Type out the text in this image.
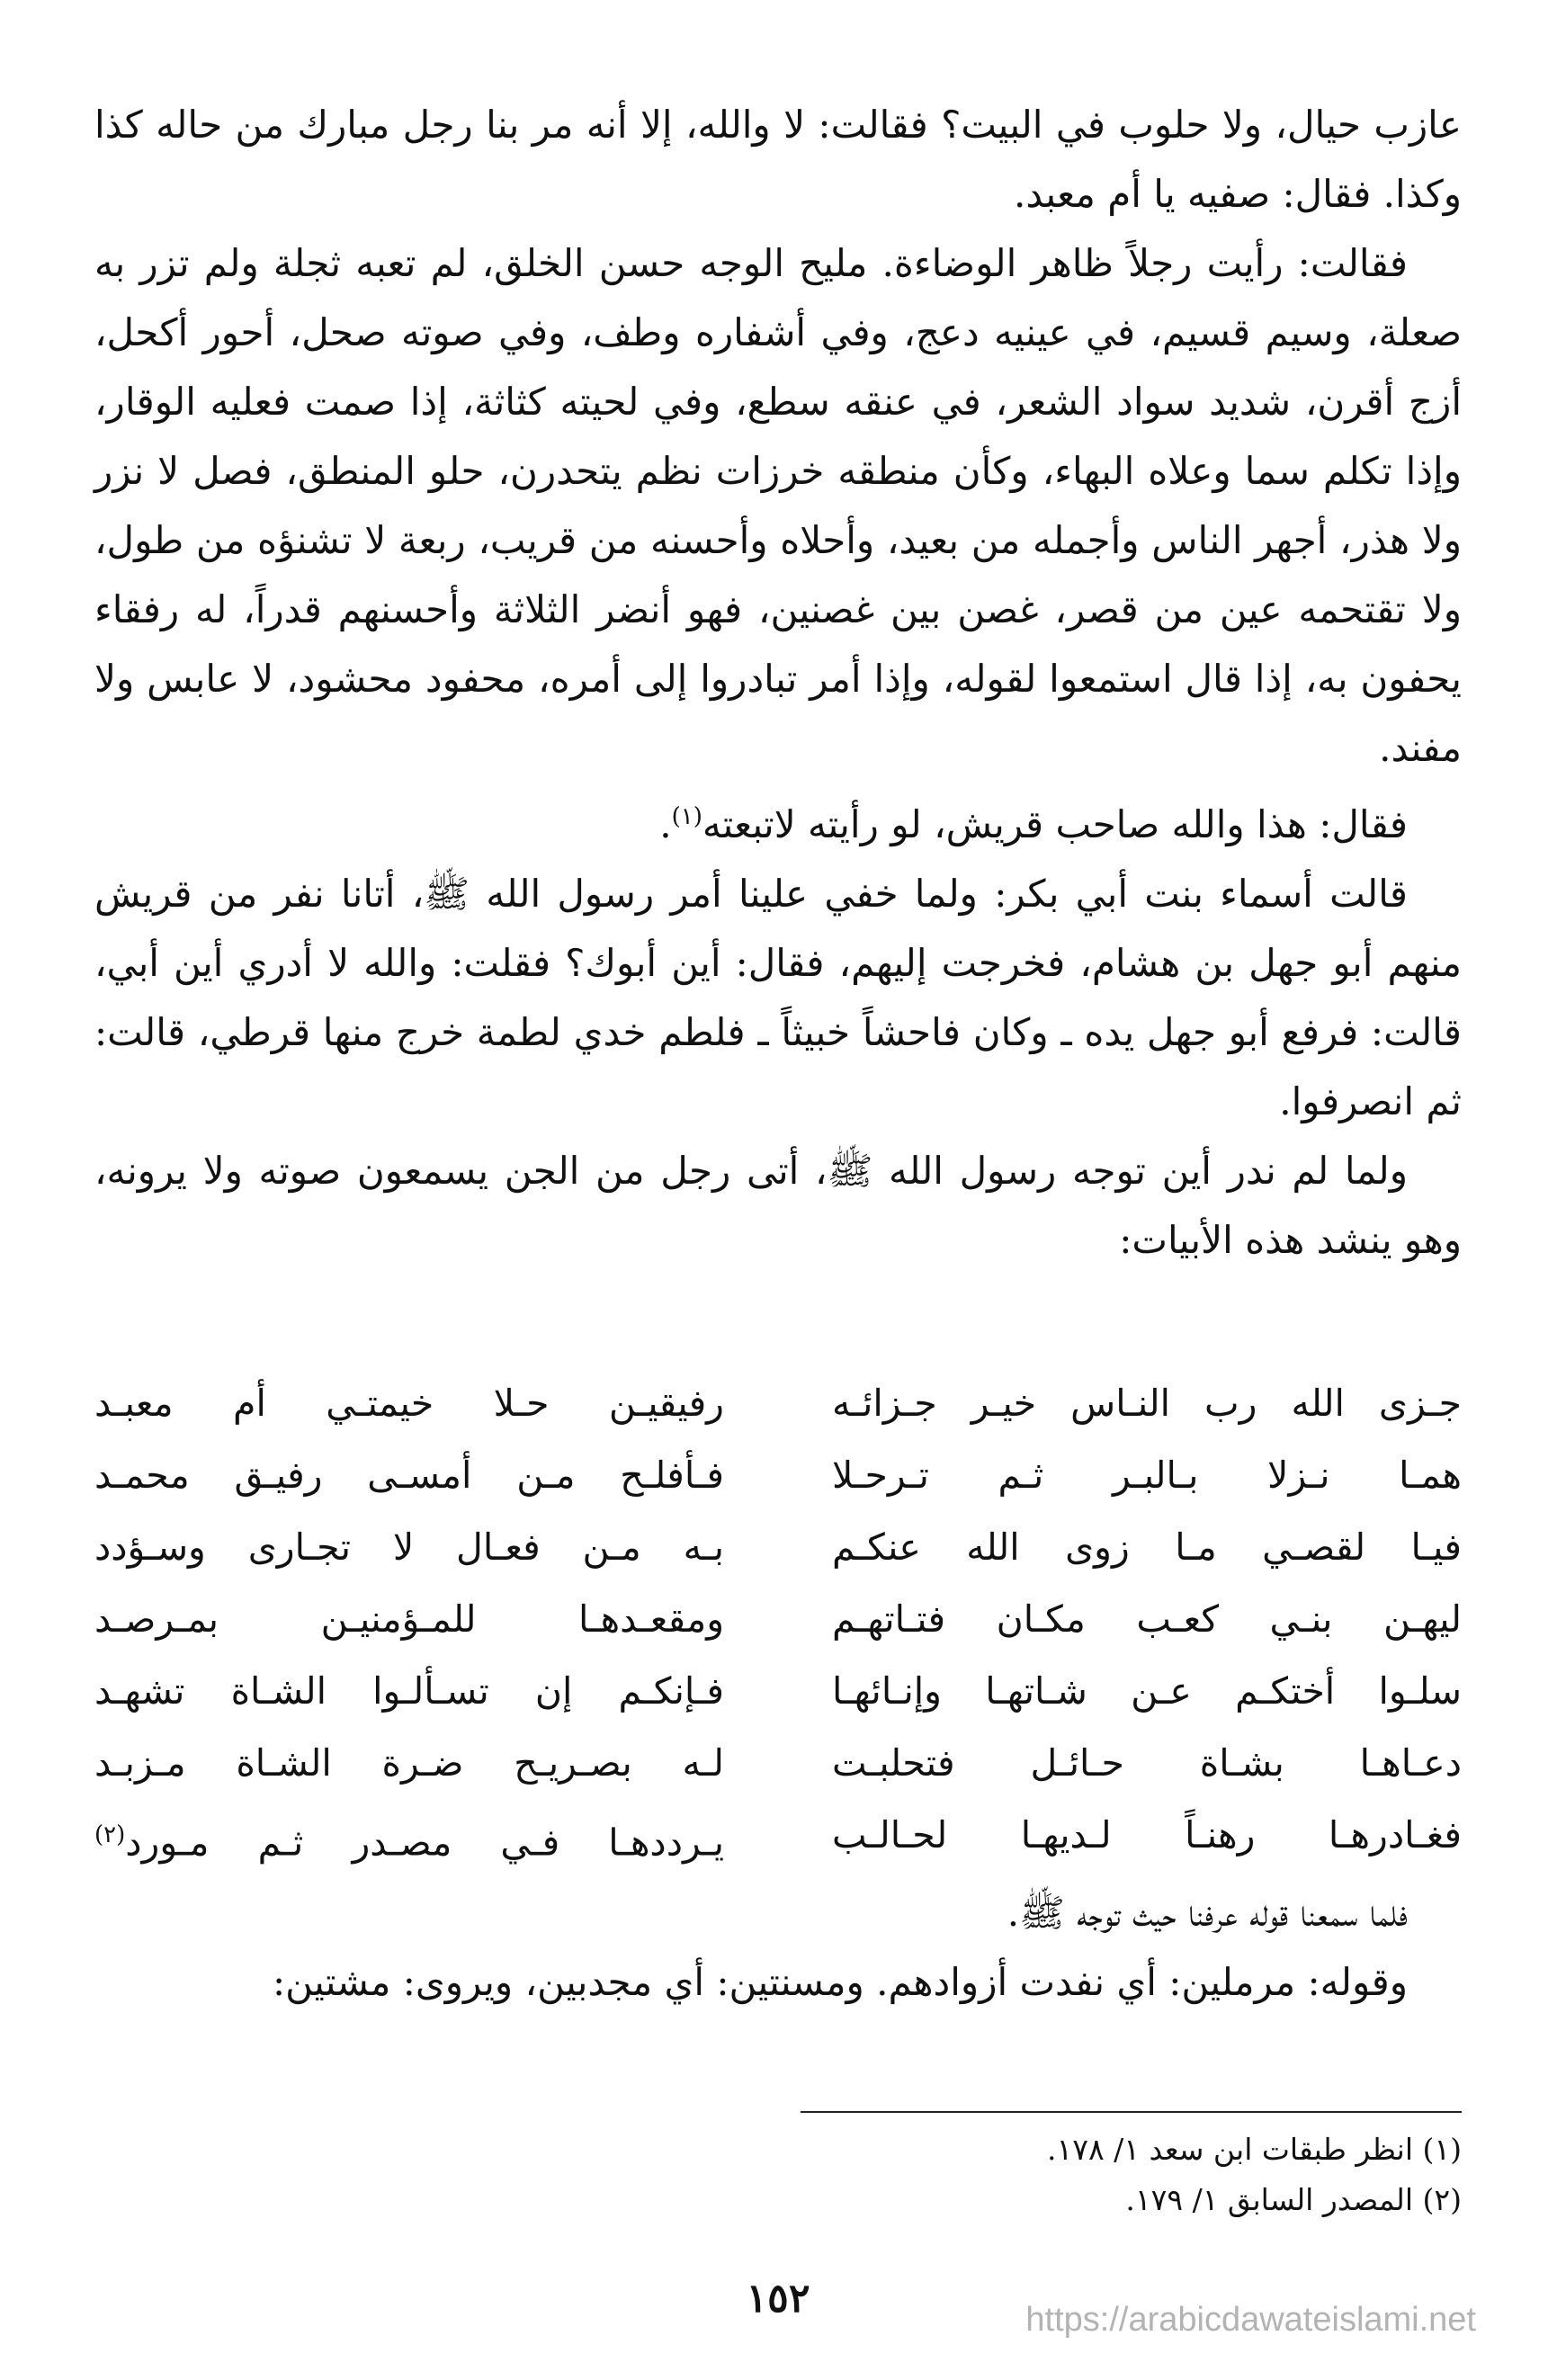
عازب حيال، ولا حلوب في البيت؟ فقالت: لا والله، إلا أنه مر بنا رجل مبارك من حاله كذا وكذا. فقال: صفيه يا أم معبد.

فقالت: رأيت رجلاً ظاهر الوضاءة. مليح الوجه حسن الخلق، لم تعبه ثجلة ولم تزر به صعلة، وسيم قسيم، في عينيه دعج، وفي أشفاره وطف، وفي صوته صحل، أحور أكحل، أزج أقرن، شديد سواد الشعر، في عنقه سطع، وفي لحيته كثاثة، إذا صمت فعليه الوقار، وإذا تكلم سما وعلاه البهاء، وكأن منطقه خرزات نظم يتحدرن، حلو المنطق، فصل لا نزر ولا هذر، أجهر الناس وأجمله من بعيد، وأحلاه وأحسنه من قريب، ربعة لا تشنؤه من طول، ولا تقتحمه عين من قصر، غصن بين غصنين، فهو أنضر الثلاثة وأحسنهم قدراً، له رفقاء يحفون به، إذا قال استمعوا لقوله، وإذا أمر تبادروا إلى أمره، محفود محشود، لا عابس ولا مفند.

فقال: هذا والله صاحب قريش، لو رأيته لاتبعته$^{(١)}$.

قالت أسماء بنت أبي بكر: ولما خفي علينا أمر رسول الله ﷺ، أتانا نفر من قريش منهم أبو جهل بن هشام، فخرجت إليهم، فقال: أين أبوك؟ فقلت: والله لا أدري أين أبي، قالت: فرفع أبو جهل يده ـ وكان فاحشاً خبيثاً ـ فلطم خدي لطمة خرج منها قرطي، قالت: ثم انصرفوا.

ولما لم ندر أين توجه رسول الله ﷺ، أتى رجل من الجن يسمعون صوته ولا يرونه، وهو ينشد هذه الأبيات:

جـزى الله رب النـاس خيـر جـزائـه
رفيقيـن حـلا خيمتـي أم معبـد
همـا نـزلا بـالبـر ثـم تـرحـلا
فـأفلـح مـن أمسـى رفيـق محمـد
فيـا لقصـي مـا زوى الله عنكـم
بـه مـن فعـال لا تجـارى وسـؤدد
ليهـن بنـي كعـب مكـان فتـاتهـم
ومقعـدهـا للمـؤمنيـن بمـرصـد
سلـوا أختكـم عـن شـاتهـا وإنـائهـا
فـإنكـم إن تسـألـوا الشـاة تشهـد
دعـاهـا بشـاة حـائـل فتحلبـت
لـه بصـريـح ضـرة الشـاة مـزبـد
فغـادرهـا رهنـاً لـديهـا لحـالـب
يـرددهـا فـي مصـدر ثـم مـورد$^{(٢)}$

فلما سمعنا قوله عرفنا حيث توجه ﷺ.

وقوله: مرملين: أي نفدت أزوادهم. ومسنتين: أي مجدبين، ويروى: مشتين:

(١) انظر طبقات ابن سعد ١/ ١٧٨.
(٢) المصدر السابق ١/ ١٧٩.
١٥٢	https://arabicdawateislami.net
